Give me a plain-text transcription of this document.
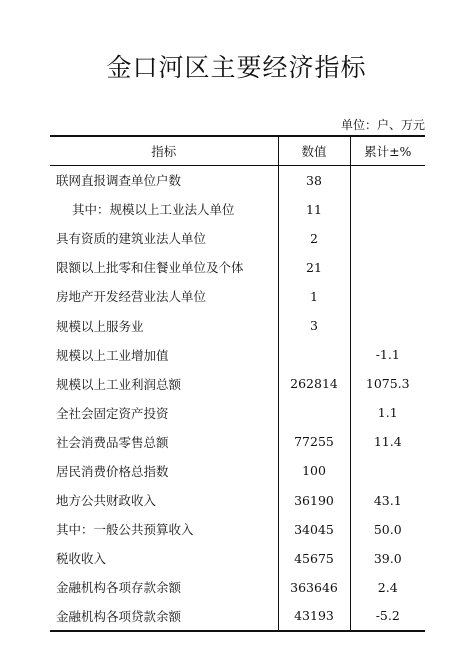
金口河区主要经济指标
单位：户、万元
指标	数值	累计±%
联网直报调查单位户数	38	
其中：规模以上工业法人单位	11	
具有资质的建筑业法人单位	2	
限额以上批零和住餐业单位及个体	21	
房地产开发经营业法人单位	1	
规模以上服务业	3	
规模以上工业增加值		-1.1
规模以上工业利润总额	262814	1075.3
全社会固定资产投资		1.1
社会消费品零售总额	77255	11.4
居民消费价格总指数	100	
地方公共财政收入	36190	43.1
其中：一般公共预算收入	34045	50.0
税收收入	45675	39.0
金融机构各项存款余额	363646	2.4
金融机构各项贷款余额	43193	-5.2
